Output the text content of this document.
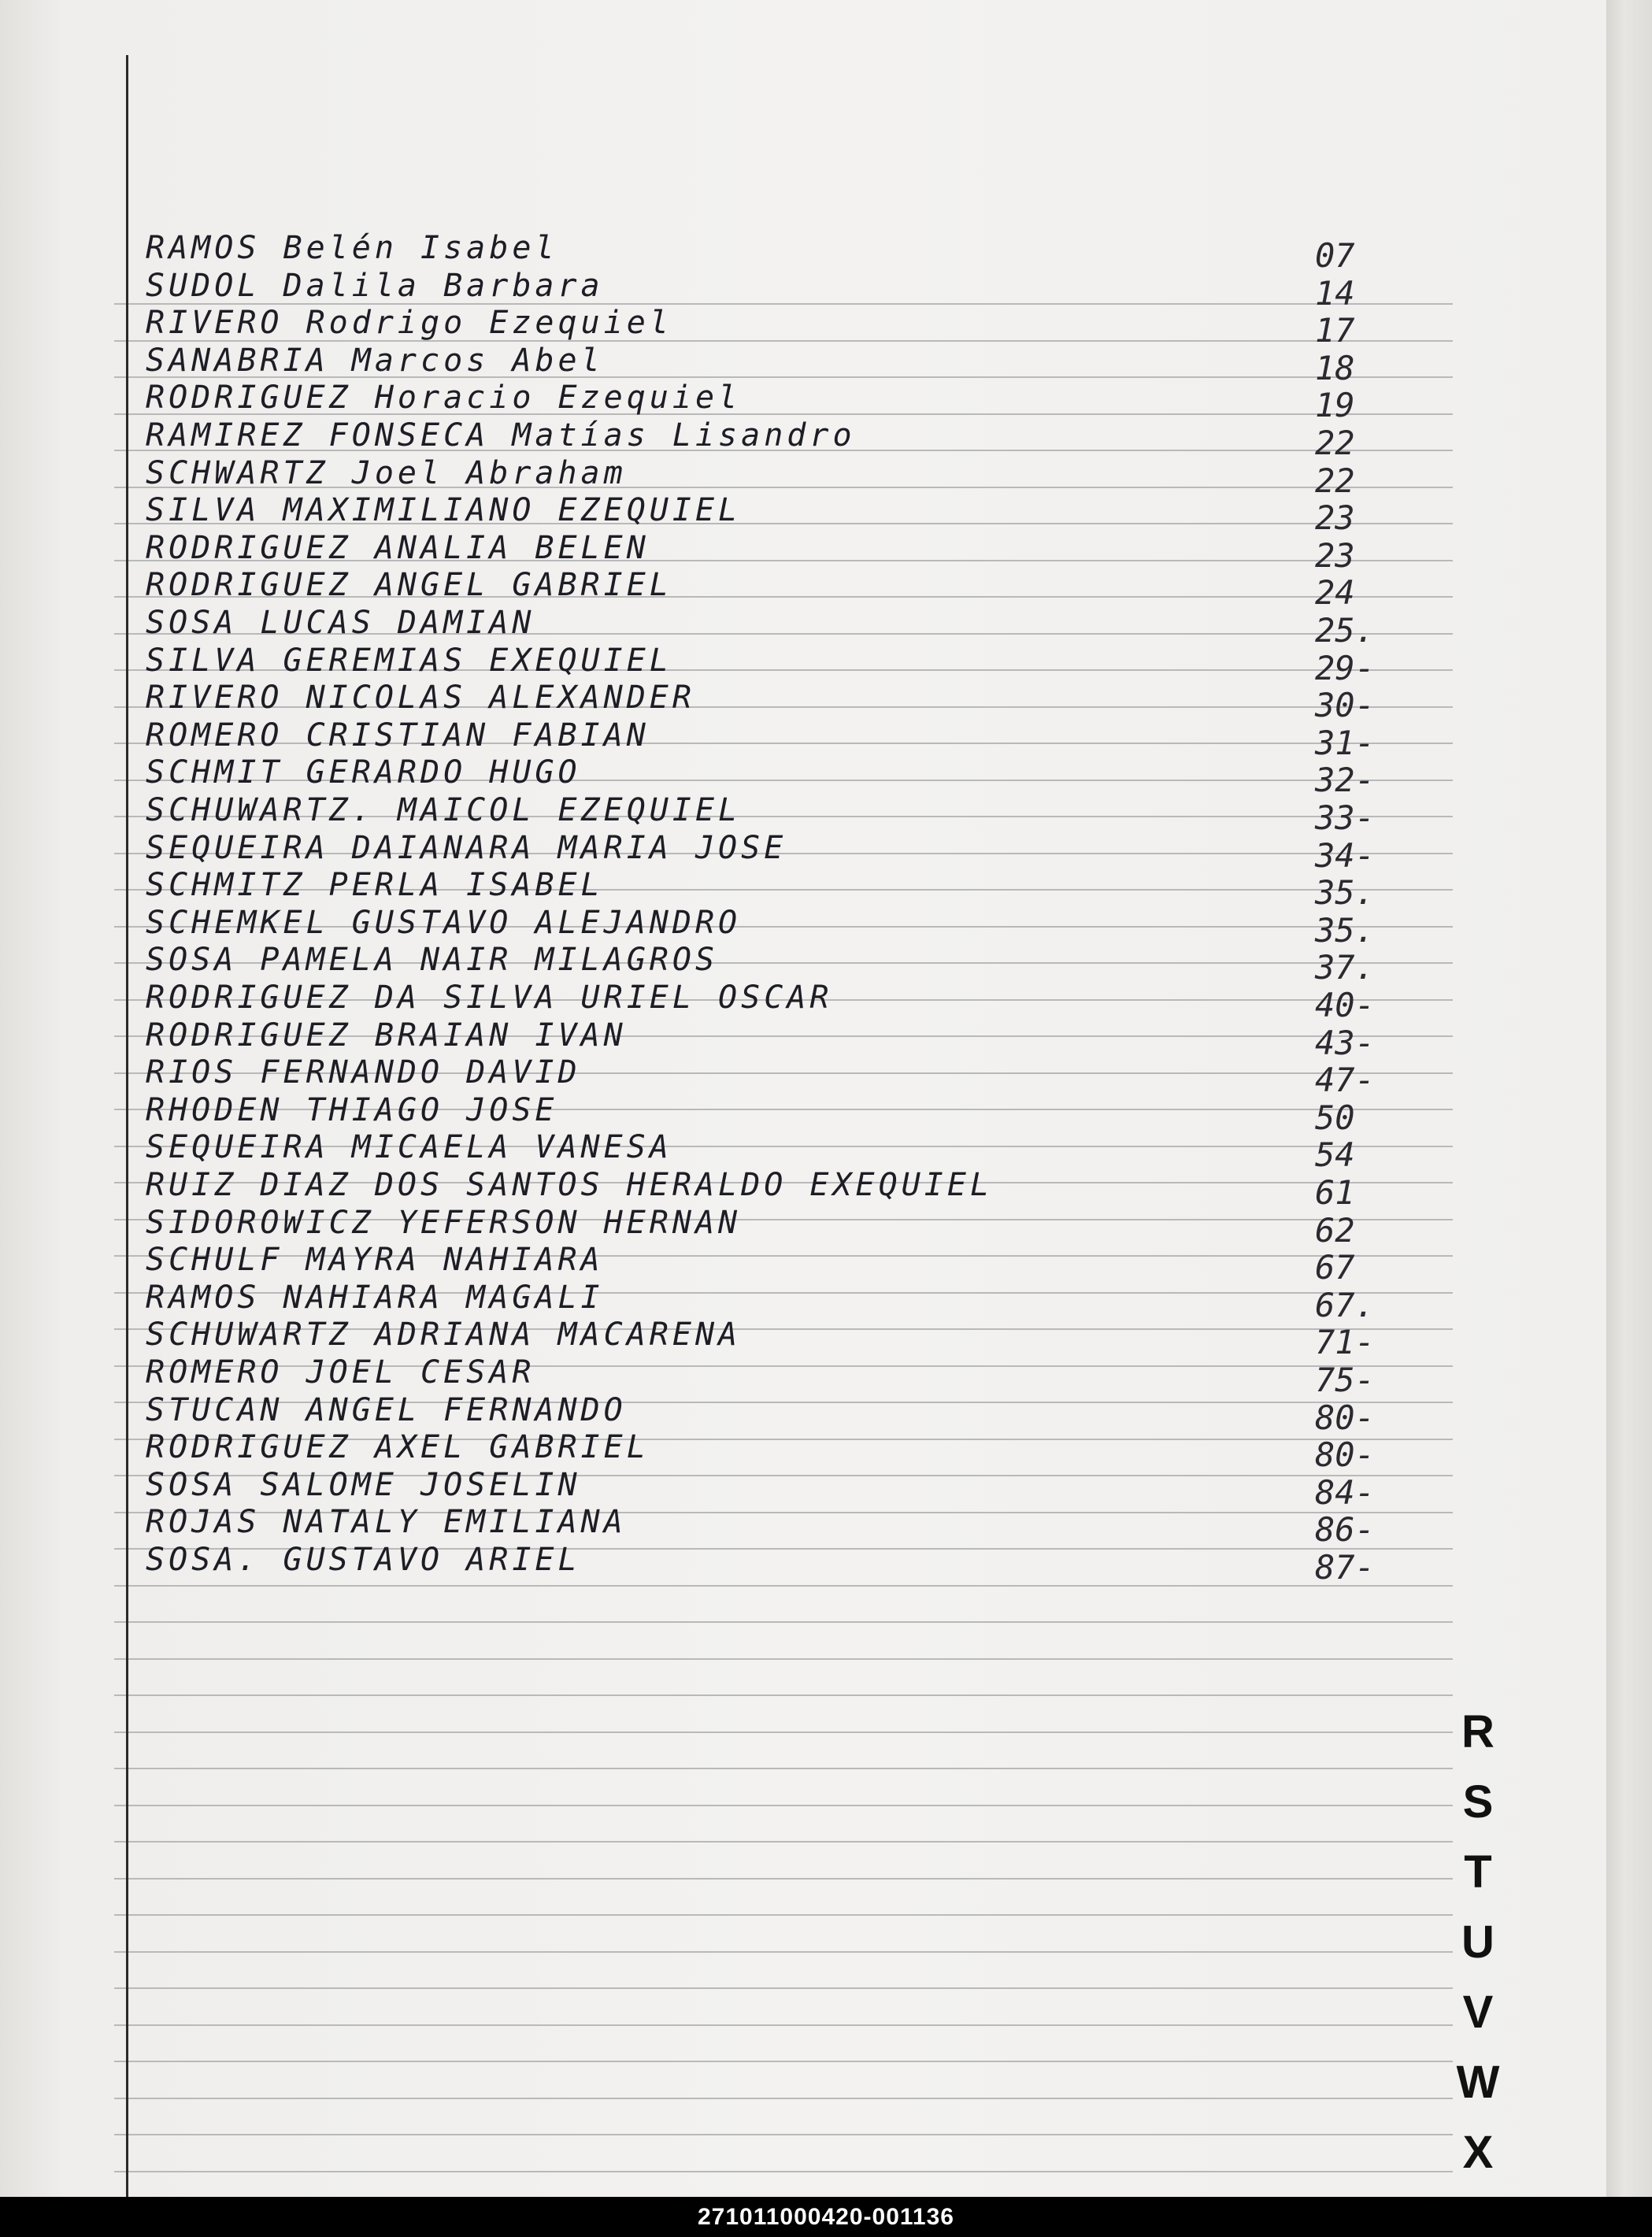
RAMOS Belén Isabel	07
SUDOL Dalila Barbara	14
RIVERO Rodrigo Ezequiel	17
SANABRIA Marcos Abel	18
RODRIGUEZ Horacio Ezequiel	19
RAMIREZ FONSECA Matías Lisandro	22
SCHWARTZ Joel Abraham	22
SILVA MAXIMILIANO EZEQUIEL	23
RODRIGUEZ ANALIA BELEN	23
RODRIGUEZ ANGEL GABRIEL	24
SOSA LUCAS DAMIAN	25.
SILVA GEREMIAS EXEQUIEL	29-
RIVERO NICOLAS ALEXANDER	30-
ROMERO CRISTIAN FABIAN	31-
SCHMIT GERARDO HUGO	32-
SCHUWARTZ. MAICOL EZEQUIEL	33-
SEQUEIRA DAIANARA MARIA JOSE	34-
SCHMITZ PERLA ISABEL	35.
SCHEMKEL GUSTAVO ALEJANDRO	35.
SOSA PAMELA NAIR MILAGROS	37.
RODRIGUEZ DA SILVA URIEL OSCAR	40-
RODRIGUEZ BRAIAN IVAN	43-
RIOS FERNANDO DAVID	47-
RHODEN THIAGO JOSE	50
SEQUEIRA MICAELA VANESA	54
RUIZ DIAZ DOS SANTOS HERALDO EXEQUIEL	61
SIDOROWICZ YEFERSON HERNAN	62
SCHULF MAYRA NAHIARA	67
RAMOS NAHIARA MAGALI	67.
SCHUWARTZ ADRIANA MACARENA	71-
ROMERO JOEL CESAR	75-
STUCAN ANGEL FERNANDO	80-
RODRIGUEZ AXEL GABRIEL	80-
SOSA SALOME JOSELIN	84-
ROJAS NATALY EMILIANA	86-
SOSA. GUSTAVO ARIEL	87-
R
S
T
U
V
W
X
271011000420-001136
